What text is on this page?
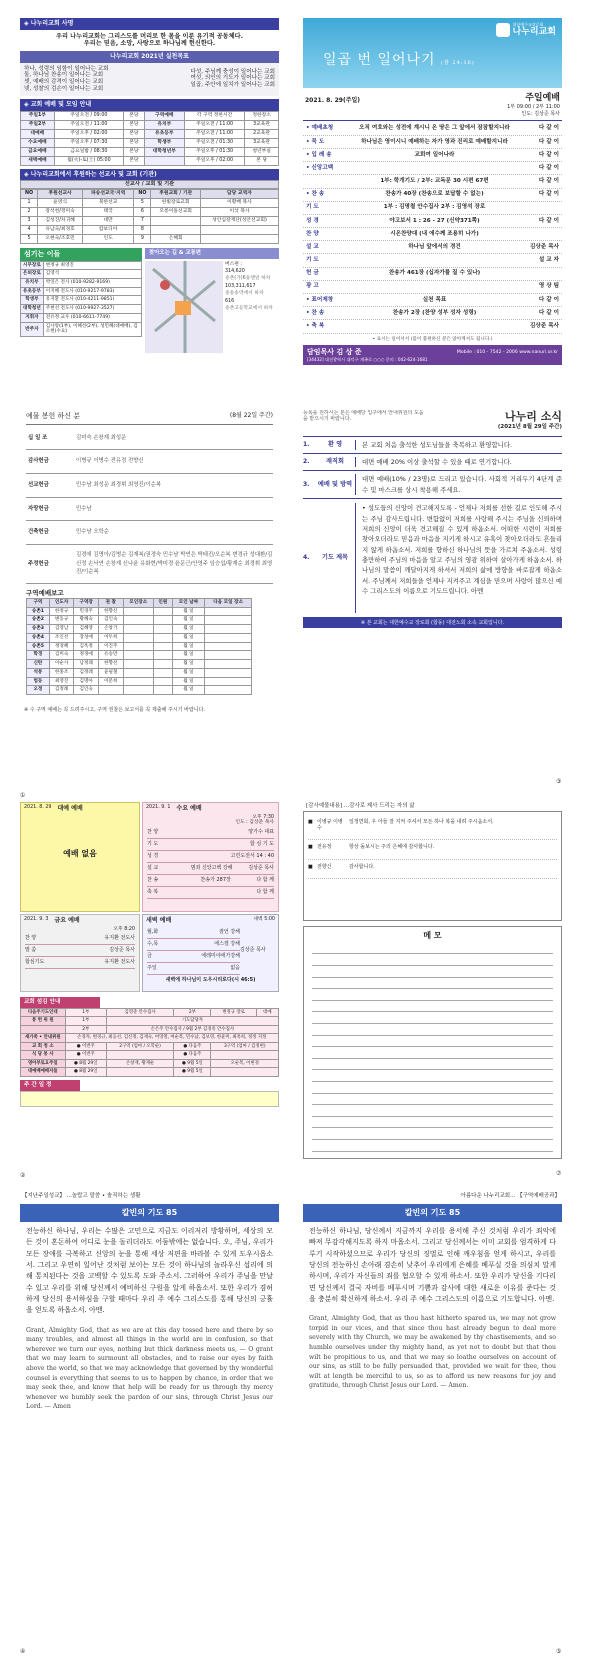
◈ 나누리교회 사명
우리 나누리교회는 그리스도를 머리로 한 몸을 이룬 유기적 공동체다.
우리는 믿음, 소망, 사랑으로 하나님께 헌신한다.
나누리교회 2021년 실천목표
하나, 성령의 임함이 일어나는 교회
둘, 하나님 찬송이 일어나는 교회
셋, 예배의 감격이 일어나는 교회
넷, 성찰의 검손이 일어나는 교회
다섯, 주님께 충성이 일어나는 교회
여섯, 의인의 기도가 일어나는 교회
일곱, 주안에 일치가 일어나는 교회
◈ 교회 예배 및 모임 안내
주일1부	주일오전 / 09:00	본당	구역예배	각 구역 정한시간	정한장소
주일2부	주일오전 / 11:00	본당	유치부	주일오전 / 11:00	3교육관
대예배	주일오후 / 02:00	본당	유초등부	주일오전 / 11:00	2교육관
수요예배	주일오후 / 07:30	본당	학생부	주일오전 / 01:30	3교육관
금요예배	금요일밤 / 08:30	본당	대학청년부	주일오후 / 01:30	청년부실
새벽예배	월(火)-토(土) 05:00	본당		주일오후 / 02:00	본 당
◈ 나누리교회에서 후원하는 선교사 및 교회 (기관)
선교사 / 교회 및 기관
NO	후원선교사	파송선교국·지역	NO	후원교회 / 기관	담당 교역자
1	윤영식	북한선교	5	한빛장로교회	이황배 목사
2	장석천/정미숙	태국	6	모롱이돌선교회	이삭 목사
3	김성진/차귀혜	대만	7		성안심장재단(성안선교회)
4	유남숙/최경호	캄보디아	8		
5	오현숙/조호민	인도	9	은혜회	
섬기는 이들
시무장로	변정규 최영진
은퇴장로	김영석
유치부	박연은 전사 (010-9282-9169)
유초등부	이지혜 전도사 (010-9217-9783)
학생부	유지환 전도사 (010-4211-9851)
대학청년	주현선 전도사 (010-9927-3527)
지휘자	전유정 교우 (010-6611-7749)
반주자	김사랑(1부), 이혜선(2부), 성민혜(대예배), 김소현(수요)
찾아오는 길 & 교통편
버스편 :
314,620
송촌(가)6동맨앞 하차
103,311,617
중송송역에서 하차
616
송촌고등학교에서 하차
대한예수교장로회
나누리교회
일곱 번 일어나기 (잠 24:16)
2021. 8. 29(주일)	주일예배
1부 09:00 / 2부 11:00
인도: 김상준 목사
• 예배초청	오직 여호와는 성전에 계시니 온 땅은 그 앞에서 잠잠할지니라	다 같 이
• 묵 도	하나님은 영이시니 예배하는 자가 영과 진리로 예배할지니라	다 같 이
• 입 례 송	교회여 일어나라	다 같 이
• 신앙고백	다 같 이
1부: 학개기도 / 2부: 교독문 30 시편 67편	다 같 이
• 찬 송	찬송가 40장 (찬송으로 보답할 수 없는)	다 같 이
기 도	1부 : 김명철 안수집사 2부 : 김영석 장로
성 경	야고보서 1 : 26 - 27 (신약371쪽)	다 같 이
찬 양	시온찬양대 (내 에수께 조용히 나가)
설 교	하나님 앞에서의 경건	김상준 목사
기 도	설 교 자
헌 금	찬송가 461장 (십자가를 질 수 있나)
광 고	영 상 팀
• 표어제창	실천 목표	다 같 이
• 찬 송	찬송가 2장 (찬양 성부 성자 성령)	다 같 이
• 축 복	김상준 목사
• 표시는 일어서서 (몸이 불편하신 분은 앉아계셔도 됩니다.)
담임목사 김 상 준	Mobile : 010 - 7542 - 2006 www.nanuri.or.kr
[34432] 대전광역시 대덕구 계족로 ○○○ 문의 : 042-624-1681
예물 봉헌 하신 분	(8월 22일 주간)
십 일 조	김미숙 손창재 최성운
감사헌금	이병규 이병수 전유정 전향신
선교헌금	민수남 최성운 최경휘 최영진/이순복
자랑헌금	민수남
건축헌금	민수남 오학순
주정헌금
김경애 김명아/김병순 김재복/권경숙 민수남 박연은 박태진/오순복 변경규 성대환/김신정 손낙연 손창재 신나윤 유화현/박미경 윤문근/안영주 임승섭/황재순 최경휘 최영진/이순복
구역예배보고
구역	인도자	구역장	권 찰	모인장소	인원	모인 날짜	다음 모일 장소
송촌1	한정규	민경주	한향신			월 일	
송촌2	변동규	황혜숙	김인숙			월 일	
송촌3	김영남	김혜영	손창기			월 일	
송촌4	조인선	장성애	이두희			월 일	
송촌5	정경혜	김옥정	이진주			월 일	
학경	김미숙	정경애	유승만			월 일	
신탄	이순사	남정례	한향선			월 일	
석봉	한홍조	김정례	윤필철			월 일	
법동	최영진	김명아	이문희			월 일	
오정	김정례	김인숙				월 일	
※ 수 구역 예배는 꼭 드려주시고, 구역 권찰은 보고서를 꼭 제출해 주시기 바랍니다.
등록을 원하시는 분은 예배당 입구에서 안내위원의 도움을 받으시기 바랍니다.	나누리 소식
(2021년 8월 29일 주간)
1.	환 영	본 교회 처음 출석한 성도님들을 축복하고 환영합니다.
2.	재직회	대면 예배 20% 이상 출석할 수 있을 때로 연기합니다.
3.	예배 및 방역
대면 예배(10% / 23명)로 드리고 있습니다. 사회적 거리두기 4단계 준수 및 마스크를 상시 착용해 주세요.
4.	기도 제목
• 성도들의 신앙이 견고해지도록 - 언제나 저희를 선한 길로 인도해 주시는 주님 감사드립니다. 변함없이 저희를 사랑해 주시는 주님을 신뢰하며 저희의 신앙이 더욱 견고해질 수 있게 하옵소서. 어떠한 시련이 저희를 찾아오더라도 믿음과 마음을 지키게 하시고 유혹이 찾아오더라도 흔들리지 않게 하옵소서. 저희를 향하신 하나님의 뜻을 가르쳐 주옵소서. 성령 충만하여 주님의 마음을 알고 주님의 영광 위하여 살아가게 하옵소서. 하나님의 말씀이 깨달아지게 하셔서 저희의 삶에 방향을 바로잡게 하옵소서. 주님께서 저희들을 언제나 지켜주고 계심을 믿으며 사랑이 많으신 예수 그리스도의 이름으로 기도드립니다. 아멘
※ 본 교회는 대한예수교 장로회 (합동) 대전노회 소속 교회입니다.
2021. 8. 29 대예 예배
예배 없음
2021. 9. 1 수요 예배
오후 7:30
인도 : 김상준 목사
찬 양	양가수 대표
기 도	합 심 기 도
성 경	고린도전서 14 : 40
설 교	범죄 신앙고백 강해	김상준 목사
찬 송	찬송가 287장	다 함 께
축 복	다 함 께
2021. 9. 3 금요 예배
오후 8:20
찬 양	유지환 전도사
말 씀	김상준 목사
합심기도	유지환 전도사
새벽 예배	새벽 5:00
월,화	잠언 강해
수,목	에스겔 강해
금	에레미야애가강해
주일	없음
김상준 목사
새벽에 하나님이 도우시리로다(시 46:5)
교회 섬김 안내
다음주기도인대	1부	김영준 안수집사	2부	변정규 장로	대예
봉 헌 위 원	1부	기도담당자			
	2부	손은주 안수집사 / 9월 2부 김경옥 안수집사			
새가족 • 안내위원	손경자, 변경규, 최응선, 김신정, 김재숙, 여영열, 여순복, 민수남, 김보영, 한윤미, 최옥희, 정정 지정				
교 회 청 소	● 이번주	2구역 (엄마 / 오학순)	● 다음주	3구역 (엄마 / 김정현)	
식 당 봉 사	● 이번주		● 다음주		
영아부토요주일	● 8월 29일	손창재, 황재순	● 9월 5일	오순복, 이현경	
대예배예배자들	● 8월 29일		● 9월 5일		
주 간 일 정
[감사예물내용] ...감사로 제사 드리는 자의 삶
■ 이병규 이병수
일정면회, 우 아들 잘 지켜 주셔서 모든 하나 복을 내려 주시옵소서.
■ 전유정	항상 돌보시는 주의 은혜에 감사합니다.
■ 전향신	감사합니다.
메 모
【지난주일성교】 ...놀랍고 말씀 • 솔직하는 생활
칼빈의 기도 85
전능하신 하나님, 우리는 수많은 고민으로 지금도 이리저리 방황하며, 세상의 모든 것이 혼돈하여 어디로 눈을 돌리더라도 어둠밖에는 없습니다. 오, 주님, 우리가 모든 장애를 극복하고 신앙의 눈을 통해 세상 저편을 바라볼 수 있게 도우시옵소서. 그리고 우연히 일어난 것처럼 보이는 모든 것이 하나님의 놀라우신 섭리에 의해 통치된다는 것을 고백할 수 있도록 도와 주소서. 그러하여 우리가 주님을 만날 수 있고 우리를 위해 당신께서 예비하신 구원을 알게 하옵소서. 또한 우리가 겸허하게 당신의 용서하심을 구할 때마다 우리 주 예수 그리스도를 통해 당신의 긍휼을 얻도록 하옵소서. 아멘.
Grant, Almighty God, that as we are at this day tossed here and there by so many troubles, and almost all things in the world are in confusion, so that wherever we turn our eyes, nothing but thick darkness meets us, — O grant that we may learn to surmount all obstacles, and to raise our eyes by faith above the world, so that we may acknowledge that governed by thy wonderful counsel is everything that seems to us to happen by chance, in order that we may seek thee, and know that help will be ready for us through thy mercy whenever we humbly seek the pardon of our sins, through Christ Jesus our Lord. — Amen
아름다운 나누리교회... 【구역예배공과】
칼빈의 기도 85
전능하신 하나님, 당신께서 지금까지 우리를 용서해 주신 것처럼 우리가 죄악에 빠져 무감각해지도록 하지 마옵소서. 그리고 당신께서는 이미 교회를 엄격하게 다루기 시작하셨으므로 우리가 당신의 징벌로 인해 깨우침을 얻게 하시고, 우리를 당신의 전능하신 손아래 겸손히 낮추어 우리에게 은혜를 베푸실 것을 의심치 말게 하시며, 우리가 자신들의 죄를 혐오할 수 있게 하소서. 또한 우리가 당신을 기다리면 당신께서 결국 자비를 베푸시며 기쁨과 감사에 대한 새로운 이유를 준다는 것을 충분히 확신하게 하소서. 우리 주 예수 그리스도의 이름으로 기도합니다. 아멘.
Grant, Almighty God, that as thou hast hitherto spared us, we may not grow torpid in our vices, and that since thou hast already begun to deal more severely with thy Church, we may be awakened by thy chastisements, and so humble ourselves under thy mighty hand, as yet not to doubt but that thou wilt be propitious to us, and that we may so loathe ourselves on account of our sins, as still to be fully persuaded that, provided we wait for thee, thou wilt at length be merciful to us, so as to afford us new reasons for joy and gratitude, through Christ Jesus our Lord. — Amen.
①
③
②	⑦
④	⑤
